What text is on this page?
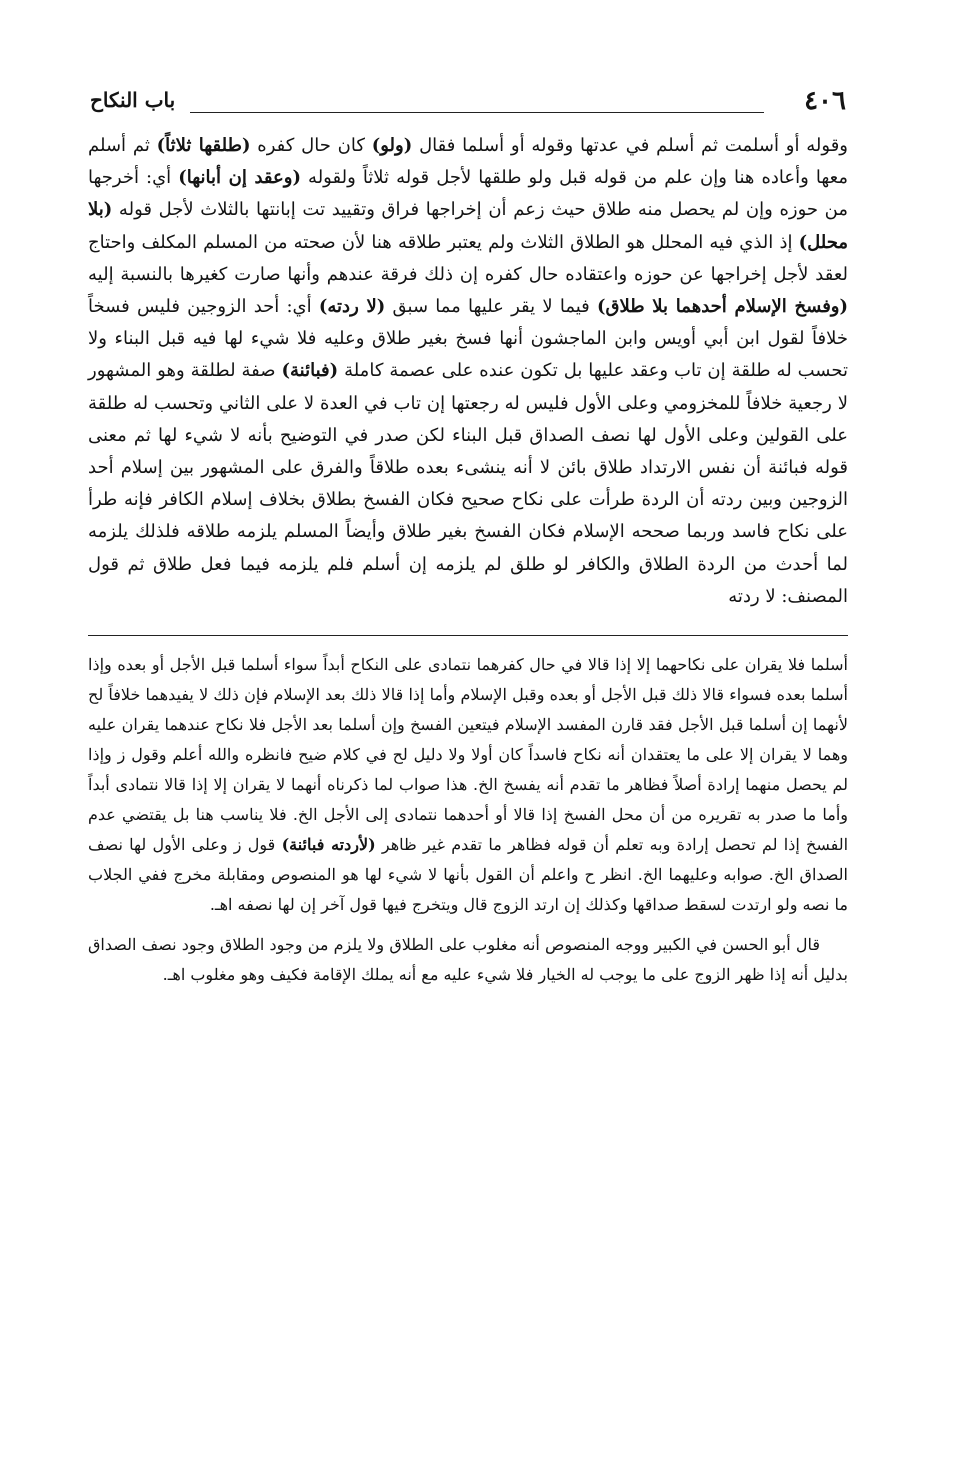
٤٠٦
باب النكاح
وقوله أو أسلمت ثم أسلم في عدتها وقوله أو أسلما فقال (ولو) كان حال كفره (طلقها ثلاثاً) ثم أسلم معها وأعاده هنا وإن علم من قوله قبل ولو طلقها لأجل قوله ثلاثاً ولقوله (وعقد إن أبانها) أي: أخرجها من حوزه وإن لم يحصل منه طلاق حيث زعم أن إخراجها فراق وتقييد تت إبانتها بالثلاث لأجل قوله (بلا محلل) إذ الذي فيه المحلل هو الطلاق الثلاث ولم يعتبر طلاقه هنا لأن صحته من المسلم المكلف واحتاج لعقد لأجل إخراجها عن حوزه واعتقاده حال كفره إن ذلك فرقة عندهم وأنها صارت كغيرها بالنسبة إليه (وفسخ الإسلام أحدهما بلا طلاق) فيما لا يقر عليها مما سبق (لا ردته) أي: أحد الزوجين فليس فسخاً خلافاً لقول ابن أبي أويس وابن الماجشون أنها فسخ بغير طلاق وعليه فلا شيء لها فيه قبل البناء ولا تحسب له طلقة إن تاب وعقد عليها بل تكون عنده على عصمة كاملة (فبائنة) صفة لطلقة وهو المشهور لا رجعية خلافاً للمخزومي وعلى الأول فليس له رجعتها إن تاب في العدة لا على الثاني وتحسب له طلقة على القولين وعلى الأول لها نصف الصداق قبل البناء لكن صدر في التوضيح بأنه لا شيء لها ثم معنى قوله فبائنة أن نفس الارتداد طلاق بائن لا أنه ينشىء بعده طلاقاً والفرق على المشهور بين إسلام أحد الزوجين وبين ردته أن الردة طرأت على نكاح صحيح فكان الفسخ بطلاق بخلاف إسلام الكافر فإنه طرأ على نكاح فاسد وربما صححه الإسلام فكان الفسخ بغير طلاق وأيضاً المسلم يلزمه طلاقه فلذلك يلزمه لما أحدث من الردة الطلاق والكافر لو طلق لم يلزمه إن أسلم فلم يلزمه فيما فعل طلاق ثم قول المصنف: لا ردته

أسلما فلا يقران على نكاحهما إلا إذا قالا في حال كفرهما نتمادى على النكاح أبداً سواء أسلما قبل الأجل أو بعده وإذا أسلما بعده فسواء قالا ذلك قبل الأجل أو بعده وقبل الإسلام وأما إذا قالا ذلك بعد الإسلام فإن ذلك لا يفيدهما خلافاً لح لأنهما إن أسلما قبل الأجل فقد قارن المفسد الإسلام فيتعين الفسخ وإن أسلما بعد الأجل فلا نكاح عندهما يقران عليه وهما لا يقران إلا على ما يعتقدان أنه نكاح فاسداً كان أولا ولا دليل لح في كلام ضيح فانظره والله أعلم وقول ز وإذا لم يحصل منهما إرادة أصلاً فظاهر ما تقدم أنه يفسخ الخ. هذا صواب لما ذكرناه أنهما لا يقران إلا إذا قالا نتمادى أبداً وأما ما صدر به تقريره من أن محل الفسخ إذا قالا أو أحدهما نتمادى إلى الأجل الخ. فلا يناسب هنا بل يقتضي عدم الفسخ إذا لم تحصل إرادة وبه تعلم أن قوله فظاهر ما تقدم غير ظاهر (لأردته فبائنة) قول ز وعلى الأول لها نصف الصداق الخ. صوابه وعليهما الخ. انظر ح واعلم أن القول بأنها لا شيء لها هو المنصوص ومقابلة مخرج ففي الجلاب ما نصه ولو ارتدت لسقط صداقها وكذلك إن ارتد الزوج قال ويتخرج فيها قول آخر إن لها نصفه اهـ.

قال أبو الحسن في الكبير ووجه المنصوص أنه مغلوب على الطلاق ولا يلزم من وجود الطلاق وجود نصف الصداق بدليل أنه إذا ظهر الزوج على ما يوجب له الخيار فلا شيء عليه مع أنه يملك الإقامة فكيف وهو مغلوب اهـ.
